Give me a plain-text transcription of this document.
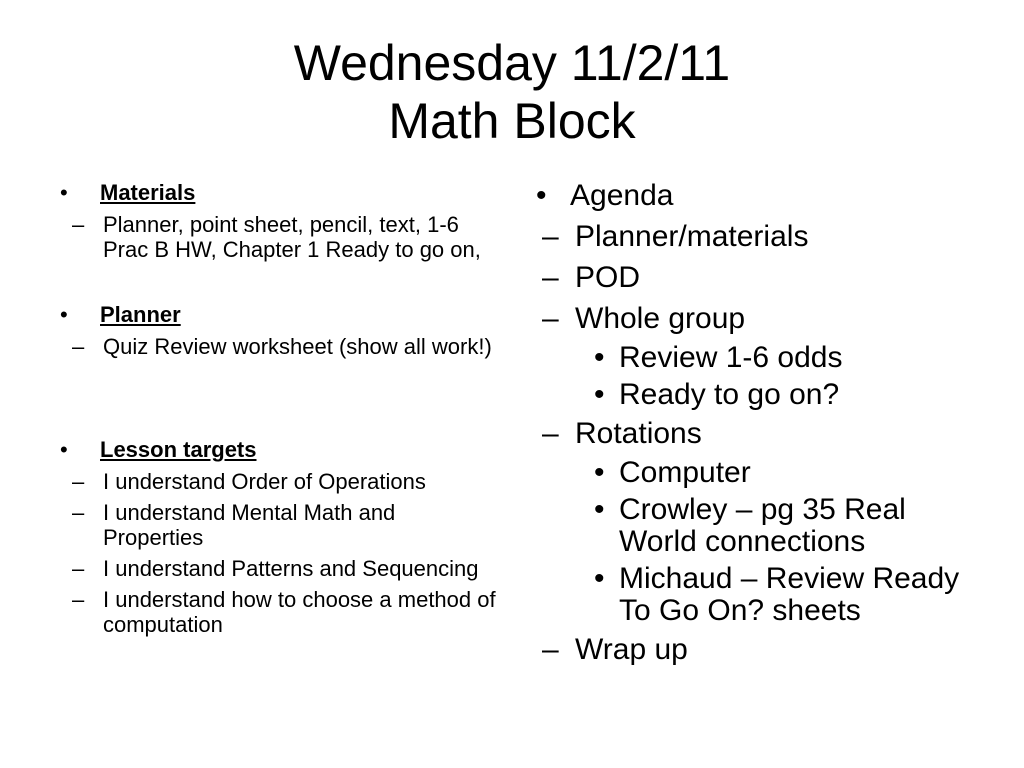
Wednesday 11/2/11
Math Block
•	Materials
– Planner, point sheet, pencil, text, 1-6 Prac B HW, Chapter 1 Ready to go on,
•	Planner
– Quiz Review worksheet (show all work!)
•	Lesson targets
– I understand Order of Operations
– I understand Mental Math and Properties
– I understand Patterns and Sequencing
– I understand how to choose a method of computation
• Agenda
– Planner/materials
– POD
– Whole group
• Review 1-6 odds
• Ready to go on?
– Rotations
• Computer
• Crowley – pg 35 Real World connections
• Michaud – Review Ready To Go On? sheets
– Wrap up
